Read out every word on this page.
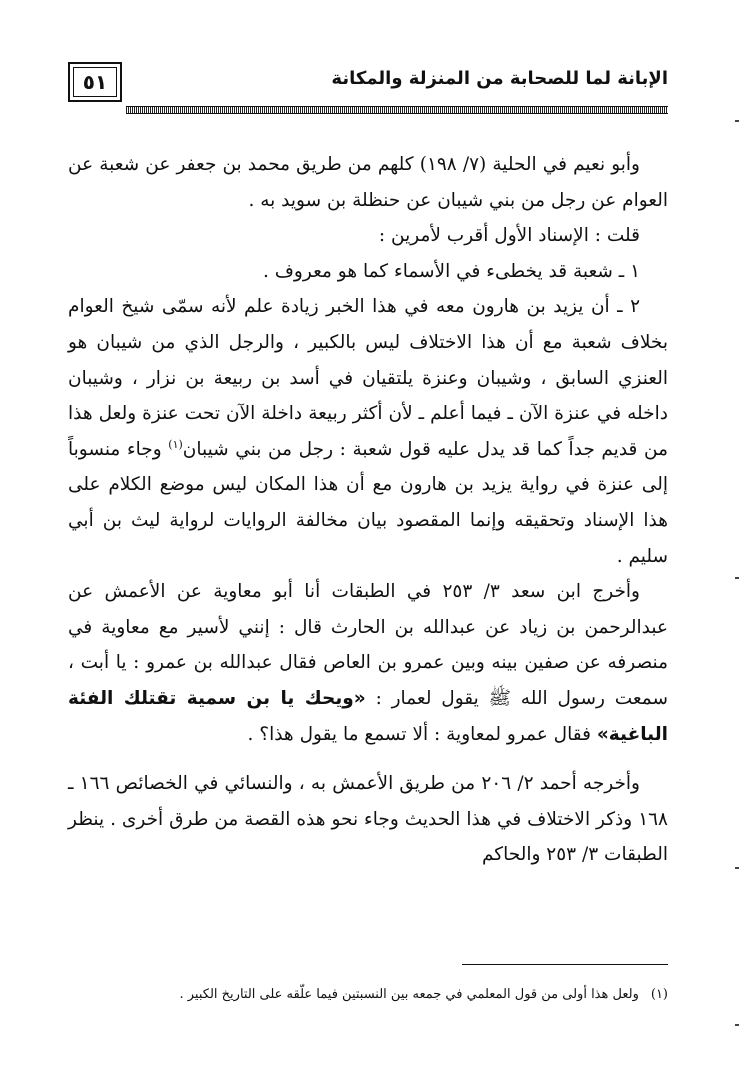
٥١	الإبانة لما للصحابة من المنزلة والمكانة

وأبو نعيم في الحلية (٧/ ١٩٨) كلهم من طريق محمد بن جعفر عن شعبة عن العوام عن رجل من بني شيبان عن حنظلة بن سويد به .

قلت : الإسناد الأول أقرب لأمرين :

١ ـ شعبة قد يخطىء في الأسماء كما هو معروف .

٢ ـ أن يزيد بن هارون معه في هذا الخبر زيادة علم لأنه سمّى شيخ العوام بخلاف شعبة مع أن هذا الاختلاف ليس بالكبير ، والرجل الذي من شيبان هو العنزي السابق ، وشيبان وعنزة يلتقيان في أسد بن ربيعة بن نزار ، وشيبان داخله في عنزة الآن ـ فيما أعلم ـ لأن أكثر ربيعة داخلة الآن تحت عنزة ولعل هذا من قديم جداً كما قد يدل عليه قول شعبة : رجل من بني شيبان$^{(١)}$ وجاء منسوباً إلى عنزة في رواية يزيد بن هارون مع أن هذا المكان ليس موضع الكلام على هذا الإسناد وتحقيقه وإنما المقصود بيان مخالفة الروايات لرواية ليث بن أبي سليم .

وأخرج ابن سعد ٣/ ٢٥٣ في الطبقات أنا أبو معاوية عن الأعمش عن عبدالرحمن بن زياد عن عبدالله بن الحارث قال : إنني لأسير مع معاوية في منصرفه عن صفين بينه وبين عمرو بن العاص فقال عبدالله بن عمرو : يا أبت ، سمعت رسول الله ﷺ يقول لعمار : «ويحك يا بن سمية تقتلك الفئة الباغية» فقال عمرو لمعاوية : ألا تسمع ما يقول هذا؟ .

وأخرجه أحمد ٢/ ٢٠٦ من طريق الأعمش به ، والنسائي في الخصائص ١٦٦ ـ ١٦٨ وذكر الاختلاف في هذا الحديث وجاء نحو هذه القصة من طرق أخرى . ينظر الطبقات ٣/ ٢٥٣ والحاكم

(١)ولعل هذا أولى من قول المعلمي في جمعه بين النسبتين فيما علّقه على التاريخ الكبير .
